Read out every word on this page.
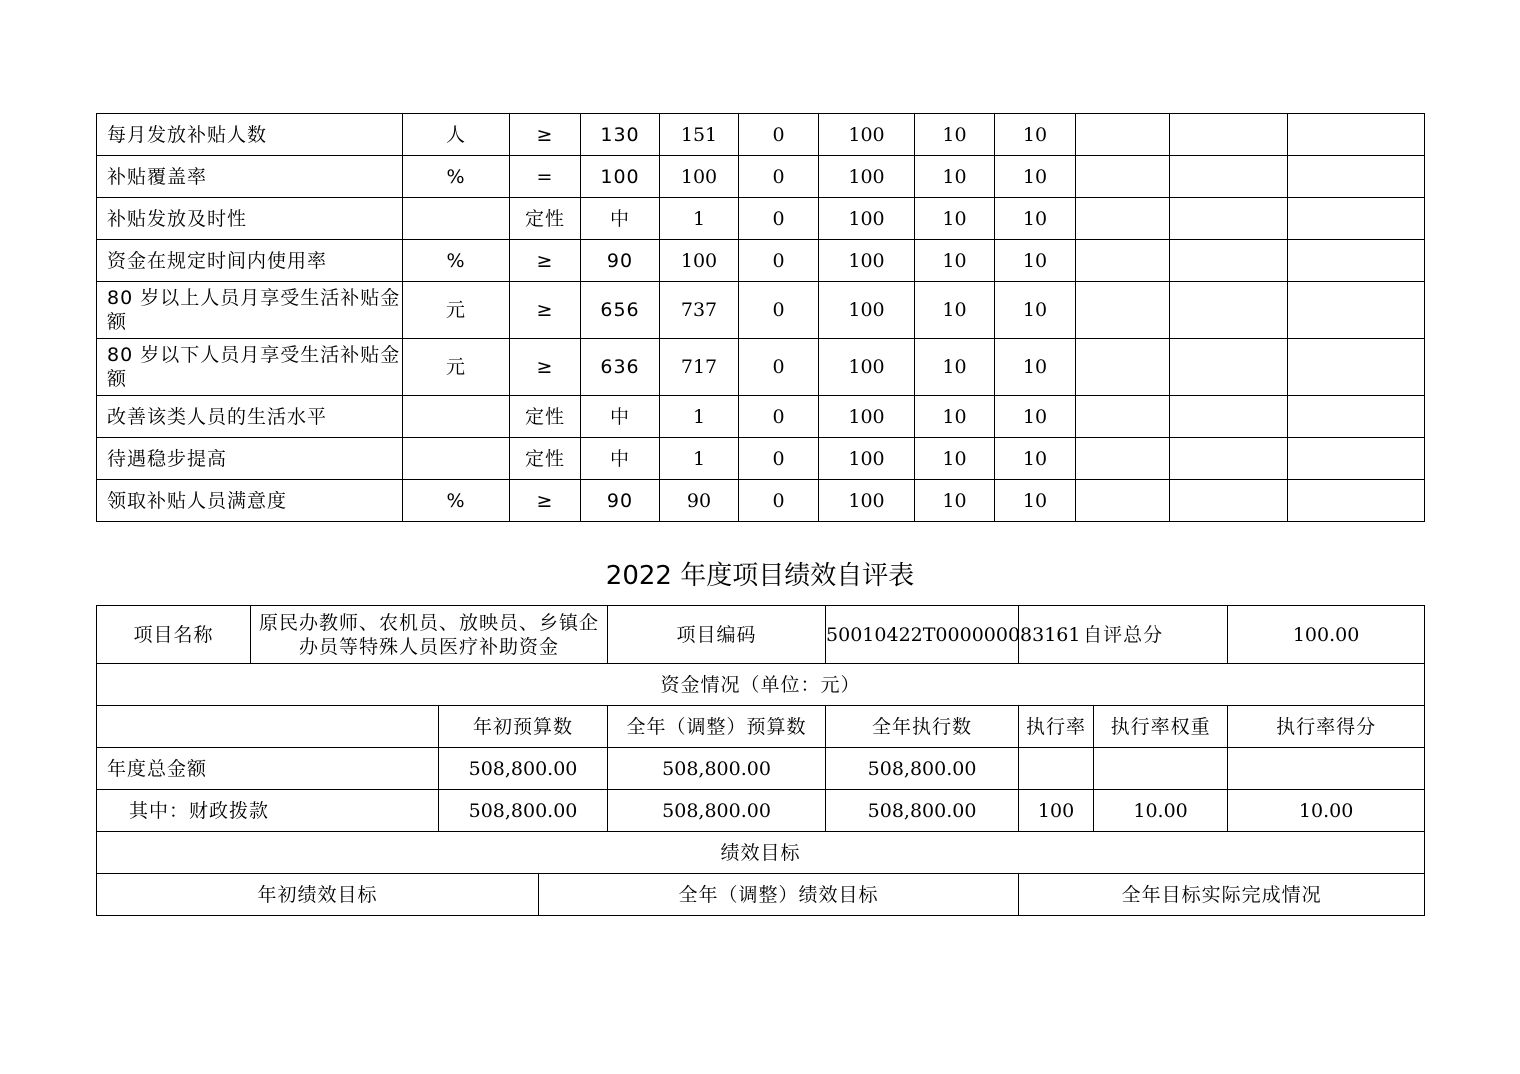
每月发放补贴人数	人	≥	130	151	0	100	10	10			
补贴覆盖率	%	=	100	100	0	100	10	10			
补贴发放及时性		定性	中	1	0	100	10	10			
资金在规定时间内使用率	%	≥	90	100	0	100	10	10			
80 岁以上人员月享受生活补贴金额	元	≥	656	737	0	100	10	10			
80 岁以下人员月享受生活补贴金额	元	≥	636	717	0	100	10	10			
改善该类人员的生活水平		定性	中	1	0	100	10	10			
待遇稳步提高		定性	中	1	0	100	10	10			
领取补贴人员满意度	%	≥	90	90	0	100	10	10			
2022 年度项目绩效自评表
项目名称	原民办教师、农机员、放映员、乡镇企办员等特殊人员医疗补助资金			项目编码	50010422T000000083161	自评总分		100.00
资金情况（单位：元）								
		年初预算数		全年（调整）预算数	全年执行数	执行率	执行率权重	执行率得分
年度总金额		508,800.00		508,800.00	508,800.00			
其中：财政拨款		508,800.00		508,800.00	508,800.00	100	10.00	10.00
绩效目标								
年初绩效目标			全年（调整）绩效目标			全年目标实际完成情况		
